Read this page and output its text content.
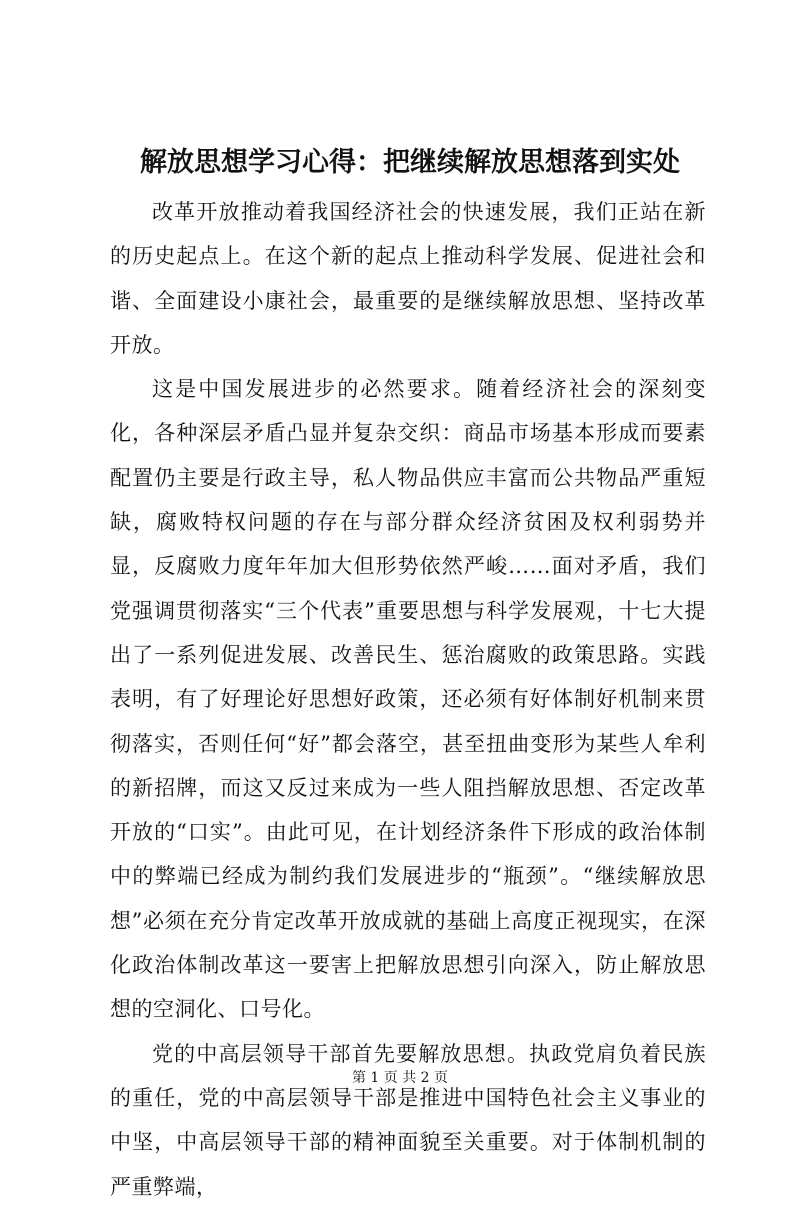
解放思想学习心得：把继续解放思想落到实处

改革开放推动着我国经济社会的快速发展，我们正站在新的历史起点上。在这个新的起点上推动科学发展、促进社会和谐、全面建设小康社会，最重要的是继续解放思想、坚持改革开放。

这是中国发展进步的必然要求。随着经济社会的深刻变化，各种深层矛盾凸显并复杂交织：商品市场基本形成而要素配置仍主要是行政主导，私人物品供应丰富而公共物品严重短缺，腐败特权问题的存在与部分群众经济贫困及权利弱势并显，反腐败力度年年加大但形势依然严峻……面对矛盾，我们党强调贯彻落实“三个代表”重要思想与科学发展观，十七大提出了一系列促进发展、改善民生、惩治腐败的政策思路。实践表明，有了好理论好思想好政策，还必须有好体制好机制来贯彻落实，否则任何“好”都会落空，甚至扭曲变形为某些人牟利的新招牌，而这又反过来成为一些人阻挡解放思想、否定改革开放的“口实”。由此可见，在计划经济条件下形成的政治体制中的弊端已经成为制约我们发展进步的“瓶颈”。“继续解放思想”必须在充分肯定改革开放成就的基础上高度正视现实，在深化政治体制改革这一要害上把解放思想引向深入，防止解放思想的空洞化、口号化。

党的中高层领导干部首先要解放思想。执政党肩负着民族的重任，党的中高层领导干部是推进中国特色社会主义事业的中坚，中高层领导干部的精神面貌至关重要。对于体制机制的严重弊端，

第 1 页 共 2 页
